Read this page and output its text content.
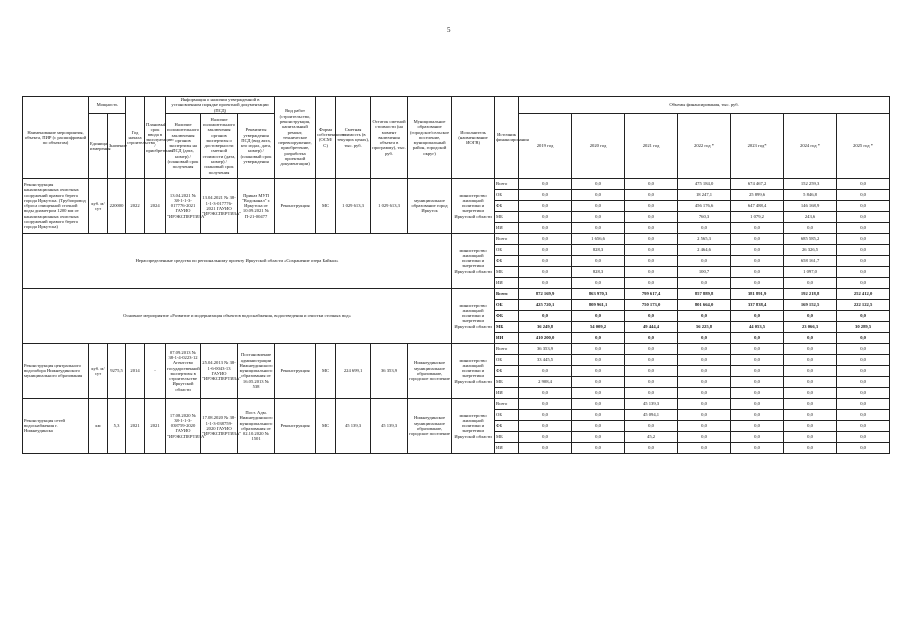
5
Наименование мероприятия, объекта, ПИР (с расшифровкой по объектам)	Мощность		Год начала строительства	Плановый срок ввода в эксплуатацию / приобретения	Информация о наличии утвержденной в установленном порядке проектной документации (ПСД)			Вид работ (строительство, реконструкция, капитальный ремонт, техническое перевооружение, приобретение, разработка проектной документации)	Форма собственности (ОСМ/С)	Сметная стоимость (в текущих ценах), тыс. руб.	Остаток сметной стоимости (на момент включения объекта в программу), тыс. руб.	Муниципальное образование (городское/сельское поселение, муниципальный район, городской округ)	Исполнитель (наименование ИОГВ)	Источник финансирования	Объемы финансирования, тыс. руб.						
	Единица измерения	Значение			Наличие положительного заключения органов экспертизы на ПСД (дата, номер) / (плановый срок получения	Наличие положительного заключения органов экспертизы о достоверности сметной стоимости (дата, номер) / плановый срок получения	Реквизиты утверждения ПСД (вид акта, кто издал, дата, номер) / (плановый срок утверждения								2019 год	2020 год	2021 год	2022 год *	2023 год*	2024 год *	2025 год *
Реконструкция канализационных очистных сооружений правого берега города Иркутска. (Трубопровод сброса очищенной сточной воды диаметром 1200 мм от канализационных очистных сооружений правого берега города Иркутска)	куб. м/сут	220000	2022	2024	13.04.2021 № 38-1-1-3-017776-2021 ГАУИО "ИРЭКСПЕРТИЗА"	13.04.2021 № 38-1-1-3-017776-2021 ГАУИО "ИРЭКСПЕРТИЗА"	Приказ МУП "Водоканал" г. Иркутска от 10.09.2021 № П-21-00477	Реконструкция	МС	1 029 613,3	1 029 613,3	муниципальное образование город Иркутск	министерство жилищной политики и энергетики Иркутской области	Всего	0,0	0,0	0,0	475 184,0	674 467,2	152 259,3	0,0
														ОБ	0,0	0,0	0,0	18 247,1	25 899,6	5 846,8	0,0
														ФБ	0,0	0,0	0,0	456 176,6	647 488,4	146 168,9	0,0
														МБ	0,0	0,0	0,0	760,3	1 079,2	243,6	0,0
														ИИ	0,0	0,0	0,0	0,0	0,0	0,0	0,0
Нераспределенные средства по региональному проекту Иркутской области «Сохранение озера Байкал»													министерство жилищной политики и энергетики Иркутской области	Всего	0,0	1 656,6	0,0	2 565,3	0,0	685 585,2	0,0
														ОБ	0,0	828,3	0,0	2 464,6	0,0	26 326,5	0,0
														ФБ	0,0	0,0	0,0	0,0	0,0	658 161,7	0,0
														МБ	0,0	828,3	0,0	100,7	0,0	1 097,0	0,0
														ИИ	0,0	0,0	0,0	0,0	0,0	0,0	0,0
Основное мероприятие «Развитие и модернизация объектов водоснабжения, водоотведения и очистки сточных вод»													министерство жилищной политики и энергетики Иркутской области	Всего	872 169,9	863 970,3	799 617,4	857 889,8	381 891,9	192 218,8	252 412,0
														ОБ	425 720,1	809 961,1	750 173,0	801 664,0	337 838,4	169 152,5	222 122,5
														ФБ	0,0	0,0	0,0	0,0	0,0	0,0	0,0
														МБ	36 249,8	54 009,2	49 444,4	56 225,8	44 053,5	23 066,3	30 289,5
														ИИ	410 200,0	0,0	0,0	0,0	0,0	0,0	0,0
Реконструкция центрального водозабора Нижнеудинского муниципального образования	куб. м/сут	9275,5	2014	-	07.09.2013 № 38-1-4-0223-12 Агентство государственной экспертизы в строительстве Иркутской области	25.04.2013 № 38-1-6-0043-13 ГАУИО "ИРЭКСПЕРТИЗА"	Постановление администрации Нижнеудинского муниципального образования от 16.05.2013 № 538	Реконструкция	МС	224 699,1	36 353,9	Нижнеудинское муниципальное образование, городское поселение	министерство жилищной политики и энергетики Иркутской области	Всего	36 353,9	0,0	0,0	0,0	0,0	0,0	0,0
														ОБ	33 445,5	0,0	0,0	0,0	0,0	0,0	0,0
														ФБ	0,0	0,0	0,0	0,0	0,0	0,0	0,0
														МБ	2 908,4	0,0	0,0	0,0	0,0	0,0	0,0
														ИИ	0,0	0,0	0,0	0,0	0,0	0,0	0,0
Реконструкция сетей водоснабжения г. Нижнеудинска	км	5,3	2021	2021	17.08.2020 № 38-1-1-3-038759-2020 ГАУИО "ИРЭКСПЕРТИЗА"	17.08.2020 № 38-1-1-3-038759-2020 ГАУИО "ИРЭКСПЕРТИЗА"	Пост. Адм. Нижнеудинского муниципального образования от 02.10.2020 № 1501	Реконструкция	МС	45 139,3	45 139,3	Нижнеудинское муниципальное образование, городское поселение	министерство жилищной политики и энергетики Иркутской области	Всего	0,0	0,0	45 139,3	0,0	0,0	0,0	0,0
														ОБ	0,0	0,0	45 094,1	0,0	0,0	0,0	0,0
														ФБ	0,0	0,0	0,0	0,0	0,0	0,0	0,0
														МБ	0,0	0,0	45,2	0,0	0,0	0,0	0,0
														ИИ	0,0	0,0	0,0	0,0	0,0	0,0	0,0
